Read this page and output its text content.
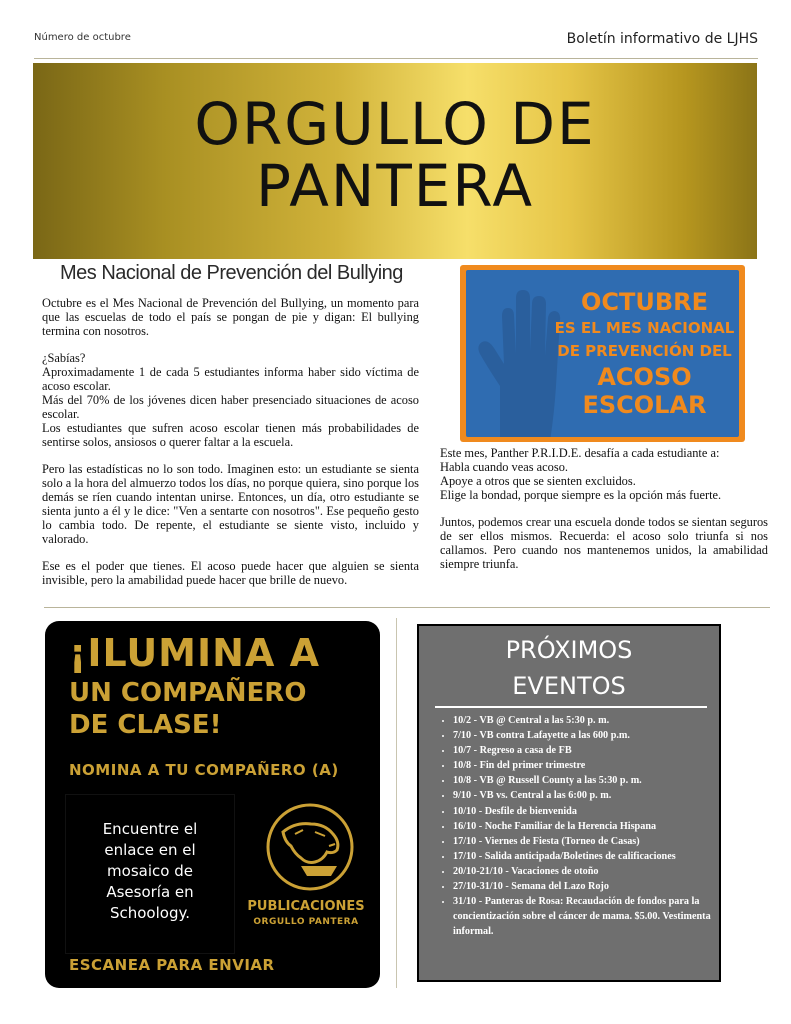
Número de octubre	Boletín informativo de LJHS
ORGULLO DE
PANTERA
Mes Nacional de Prevención del Bullying

Octubre es el Mes Nacional de Prevención del Bullying, un momento para que las escuelas de todo el país se pongan de pie y digan: El bullying termina con nosotros.

¿Sabías?
Aproximadamente 1 de cada 5 estudiantes informa haber sido víctima de acoso escolar.
Más del 70% de los jóvenes dicen haber presenciado situaciones de acoso escolar.
Los estudiantes que sufren acoso escolar tienen más probabilidades de sentirse solos, ansiosos o querer faltar a la escuela.

Pero las estadísticas no lo son todo. Imaginen esto: un estudiante se sienta solo a la hora del almuerzo todos los días, no porque quiera, sino porque los demás se ríen cuando intentan unirse. Entonces, un día, otro estudiante se sienta junto a él y le dice: "Ven a sentarte con nosotros". Ese pequeño gesto lo cambia todo. De repente, el estudiante se siente visto, incluido y valorado.

Ese es el poder que tienes. El acoso puede hacer que alguien se sienta invisible, pero la amabilidad puede hacer que brille de nuevo.

OCTUBRE
ES EL MES NACIONAL
DE PREVENCIÓN DEL
ACOSO
ESCOLAR

Este mes, Panther P.R.I.D.E. desafía a cada estudiante a:
Habla cuando veas acoso.
Apoye a otros que se sienten excluidos.
Elige la bondad, porque siempre es la opción más fuerte.

Juntos, podemos crear una escuela donde todos se sientan seguros de ser ellos mismos. Recuerda: el acoso solo triunfa si nos callamos. Pero cuando nos mantenemos unidos, la amabilidad siempre triunfa.

¡ILUMINA A
UN COMPAÑERO
DE CLASE!
NOMINA A TU COMPAÑERO (A)
Encuentre el enlace en el mosaico de Asesoría en Schoology.	PUBLICACIONES
ORGULLO PANTERA
ESCANEA PARA ENVIAR
PRÓXIMOS
EVENTOS
• 10/2 - VB @ Central a las 5:30 p. m.
• 7/10 - VB contra Lafayette a las 600 p.m.
• 10/7 - Regreso a casa de FB
• 10/8 - Fin del primer trimestre
• 10/8 - VB @ Russell County a las 5:30 p. m.
• 9/10 - VB vs. Central a las 6:00 p. m.
• 10/10 - Desfile de bienvenida
• 16/10 - Noche Familiar de la Herencia Hispana
• 17/10 - Viernes de Fiesta (Torneo de Casas)
• 17/10 - Salida anticipada/Boletines de calificaciones
• 20/10-21/10 - Vacaciones de otoño
• 27/10-31/10 - Semana del Lazo Rojo
• 31/10 - Panteras de Rosa: Recaudación de fondos para la concientización sobre el cáncer de mama. $5.00. Vestimenta informal.
